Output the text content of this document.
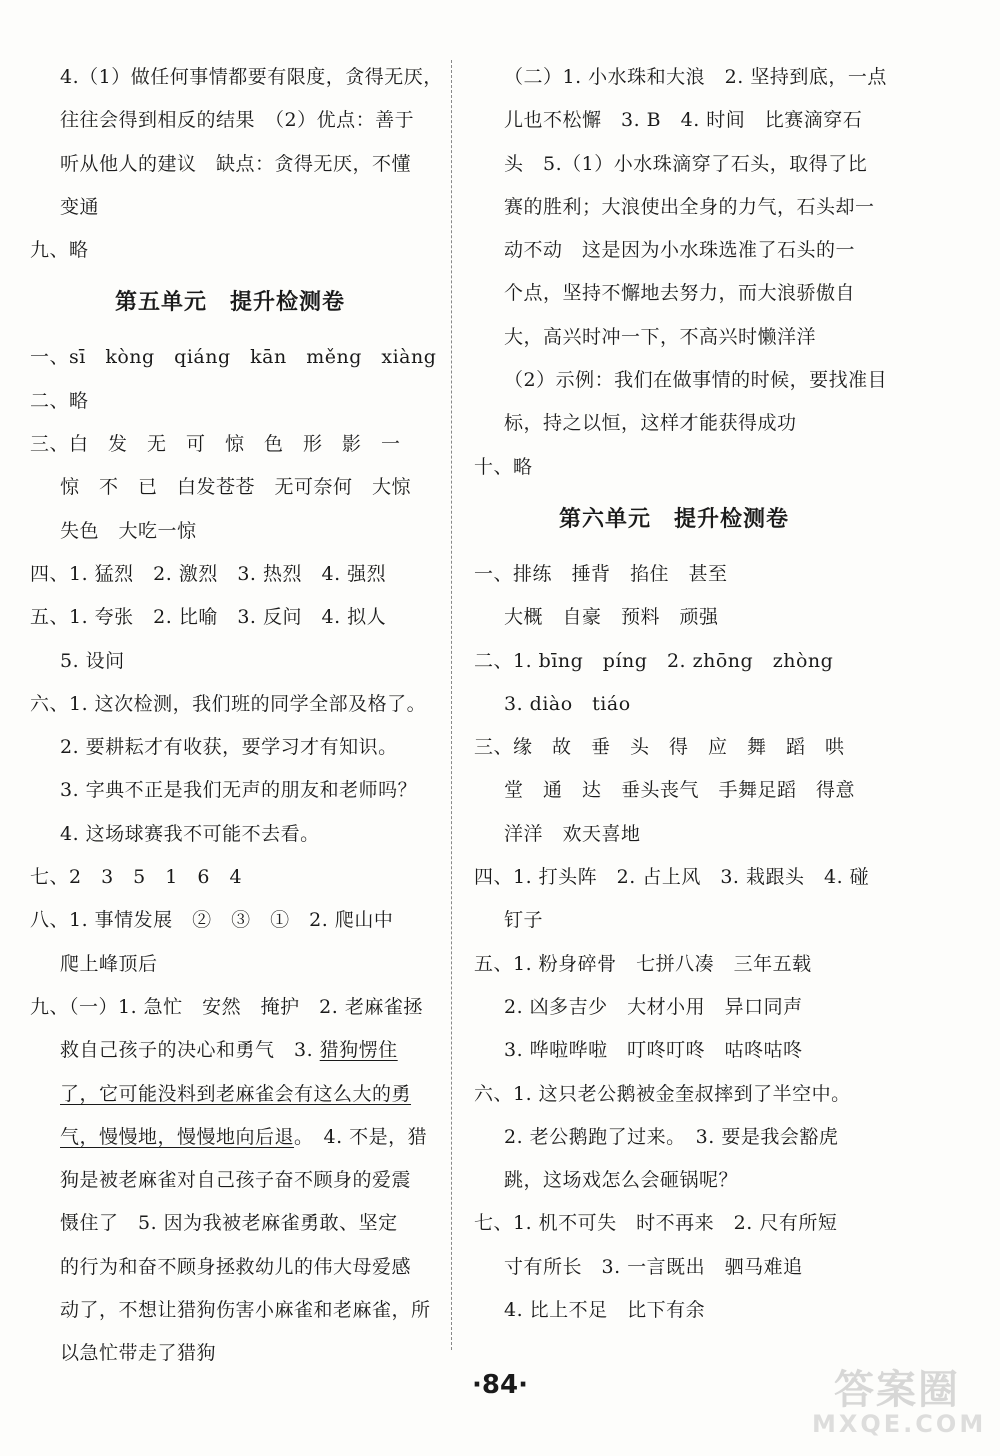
4.（1）做任何事情都要有限度，贪得无厌，
往往会得到相反的结果　（2）优点：善于
听从他人的建议　缺点：贪得无厌，不懂
变通
九、略
第五单元　提升检测卷
一、sī　kòng　qiáng　kān　měng　xiàng
二、略
三、白　发　无　可　惊　色　形　影　一
惊　不　已　白发苍苍　无可奈何　大惊
失色　大吃一惊
四、1. 猛烈　2. 激烈　3. 热烈　4. 强烈
五、1. 夸张　2. 比喻　3. 反问　4. 拟人
5. 设问
六、1. 这次检测，我们班的同学全部及格了。
2. 要耕耘才有收获，要学习才有知识。
3. 字典不正是我们无声的朋友和老师吗？
4. 这场球赛我不可能不去看。
七、2　3　5　1　6　4
八、1. 事情发展　②　③　①　2. 爬山中
爬上峰顶后
九、（一）1. 急忙　安然　掩护　2. 老麻雀拯
救自己孩子的决心和勇气　3. 猎狗愣住
了，它可能没料到老麻雀会有这么大的勇
气，慢慢地，慢慢地向后退。　4. 不是，猎
狗是被老麻雀对自己孩子奋不顾身的爱震
慑住了　5. 因为我被老麻雀勇敢、坚定
的行为和奋不顾身拯救幼儿的伟大母爱感
动了，不想让猎狗伤害小麻雀和老麻雀，所
以急忙带走了猎狗
（二）1. 小水珠和大浪　2. 坚持到底，一点
儿也不松懈　3. B　4. 时间　比赛滴穿石
头　5.（1）小水珠滴穿了石头，取得了比
赛的胜利；大浪使出全身的力气，石头却一
动不动　这是因为小水珠选准了石头的一
个点，坚持不懈地去努力，而大浪骄傲自
大，高兴时冲一下，不高兴时懒洋洋
（2）示例：我们在做事情的时候，要找准目
标，持之以恒，这样才能获得成功
十、略
第六单元　提升检测卷
一、排练　捶背　掐住　甚至
大概　自豪　预料　顽强
二、1. bīng　píng　2. zhōng　zhòng
3. diào　tiáo
三、缘　故　垂　头　得　应　舞　蹈　哄
堂　通　达　垂头丧气　手舞足蹈　得意
洋洋　欢天喜地
四、1. 打头阵　2. 占上风　3. 栽跟头　4. 碰
钉子
五、1. 粉身碎骨　七拼八凑　三年五载
2. 凶多吉少　大材小用　异口同声
3. 哗啦哗啦　叮咚叮咚　咕咚咕咚
六、1. 这只老公鹅被金奎叔摔到了半空中。
2. 老公鹅跑了过来。　3. 要是我会豁虎
跳，这场戏怎么会砸锅呢？
七、1. 机不可失　时不再来　2. 尺有所短
寸有所长　3. 一言既出　驷马难追
4. 比上不足　比下有余
·84·	答案圈
MXQE.COM
